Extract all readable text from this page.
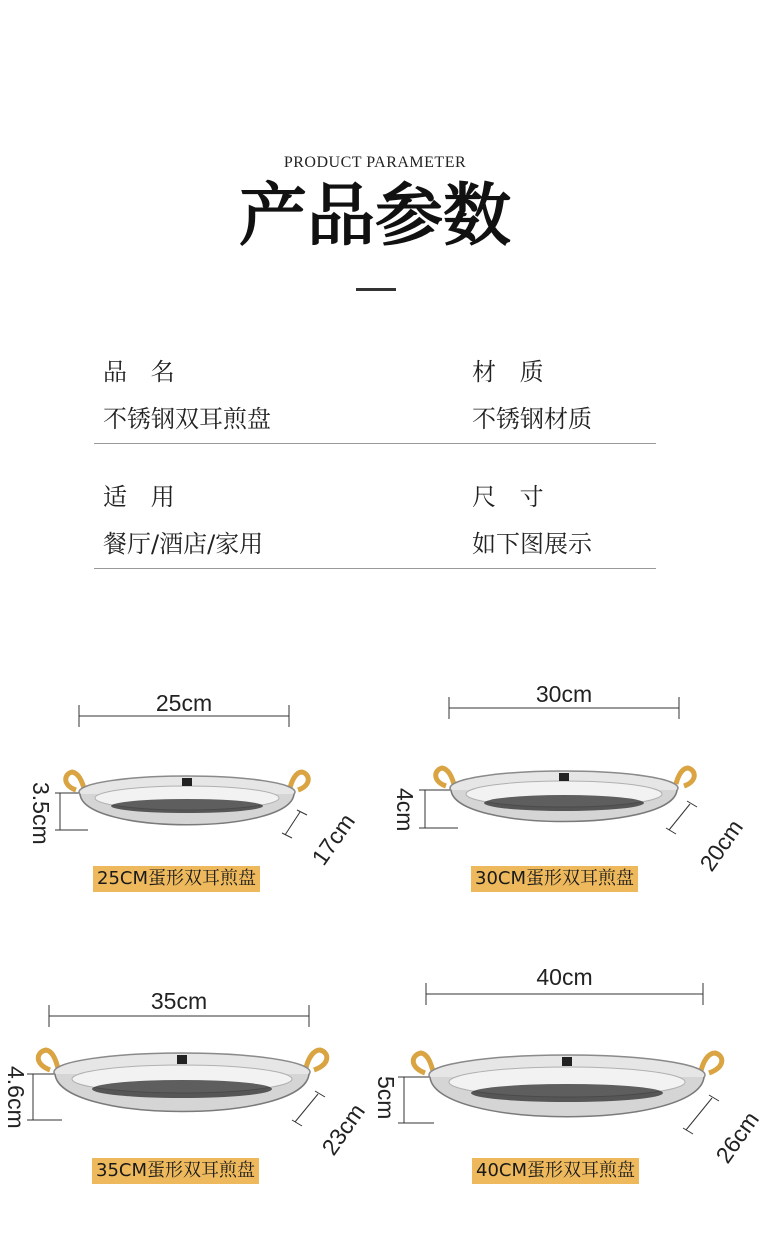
PRODUCT PARAMETER
产品参数
品 名
不锈钢双耳煎盘
材 质
不锈钢材质
适 用
餐厅/酒店/家用
尺 寸
如下图展示
25cm
3.5cm	17cm
25CM蛋形双耳煎盘
30cm
4cm
20cm
30CM蛋形双耳煎盘
35cm
4.6cm
23cm
35CM蛋形双耳煎盘
40cm
5cm
26cm
40CM蛋形双耳煎盘
